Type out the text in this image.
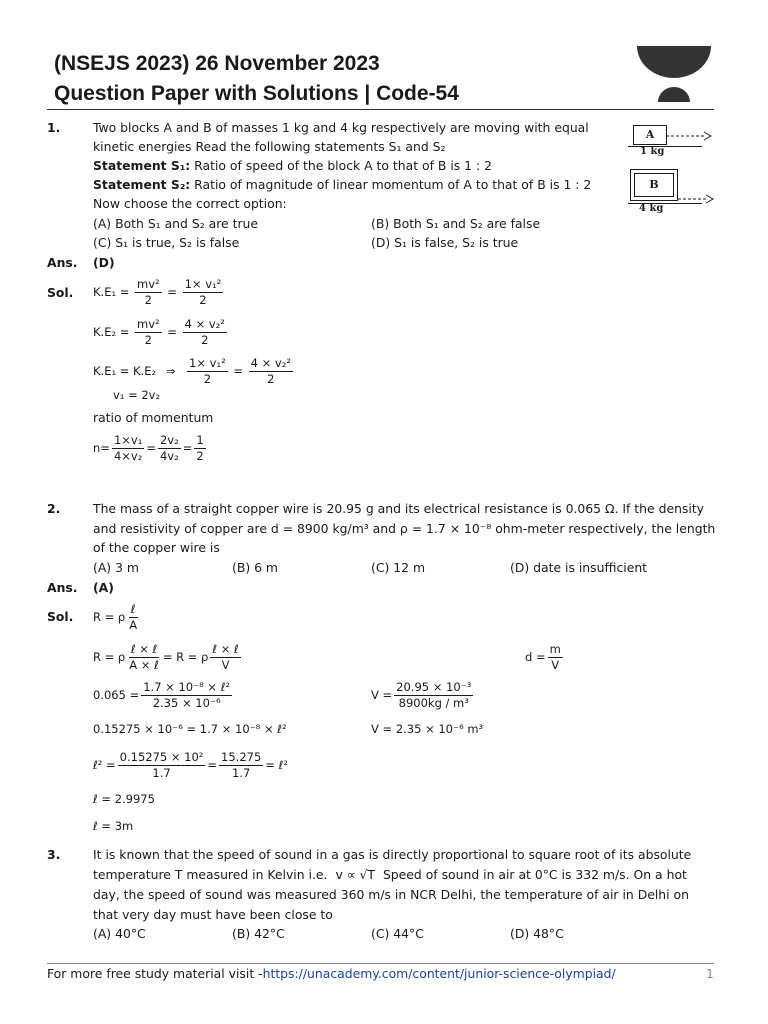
(NSEJS 2023) 26 November 2023
Question Paper with Solutions | Code-54
1.	Two blocks A and B of masses 1 kg and 4 kg respectively are moving with equal
kinetic energies Read the following statements S₁ and S₂
Statement S₁: Ratio of speed of the block A to that of B is 1 : 2
Statement S₂: Ratio of magnitude of linear momentum of A to that of B is 1 : 2
Now choose the correct option:
(A) Both S₁ and S₂ are true	(B) Both S₁ and S₂ are false
(C) S₁ is true, S₂ is false	(D) S₁ is false, S₂ is true
A
1 kg
B
4 kg
Ans. (D)
Sol. $K.E_1 = \frac{\text{mv²}}{2} = \frac{\text{1× v₁²}}{2}$
$K.E_2 = \frac{\text{mv²}}{2} = \frac{\text{4 × v₂²}}{2}$
K.E₁ = K.E₂ ⇒ $\frac{\text{1× v₁²}}{2} = \frac{\text{4 × v₂²}}{2}$
v₁ = 2v₂
ratio of momentum
$n= \frac{\text{1×v₁}}{\text{4×v₂}} = \frac{\text{2v₂}}{\text{4v₂}} = \frac{1}{2}$
2.	The mass of a straight copper wire is 20.95 g and its electrical resistance is 0.065 Ω. If the density
and resistivity of copper are d = 8900 kg/m³ and ρ = 1.7 × 10⁻⁸ ohm-meter respectively, the length
of the copper wire is
(A) 3 m	(B) 6 m	(C) 12 m	(D) date is insufficient
Ans. (A)
Sol. R = ρ $\frac{\text{ℓ}}{A}$
R = ρ $\frac{\text{ℓ × ℓ}}{\text{A × ℓ}} = R = \rho \frac{\text{ℓ × ℓ}}{V}$	$d = \frac{m}{V}$
$0.065 = \frac{\text{1.7 × 10⁻⁸ × ℓ²}}{\text{2.35 × 10⁻⁶}}$	$V = \frac{\text{20.95 × 10⁻³}}{\text{8900kg / m³}}$
0.15275 × 10⁻⁶ = 1.7 × 10⁻⁸ × ℓ²	V = 2.35 × 10⁻⁶ m³
ℓ² = $\frac{\text{0.15275 × 10²}}{1.7} = \frac{15.275}{1.7}$ = ℓ²
ℓ = 2.9975
ℓ = 3m
3.	It is known that the speed of sound in a gas is directly proportional to square root of its absolute
temperature T measured in Kelvin i.e. v ∝ √T Speed of sound in air at 0°C is 332 m/s. On a hot
day, the speed of sound was measured 360 m/s in NCR Delhi, the temperature of air in Delhi on
that very day must have been close to
(A) 40°C	(B) 42°C	(C) 44°C	(D) 48°C
For more free study material visit -https://unacademy.com/content/junior-science-olympiad/	1
